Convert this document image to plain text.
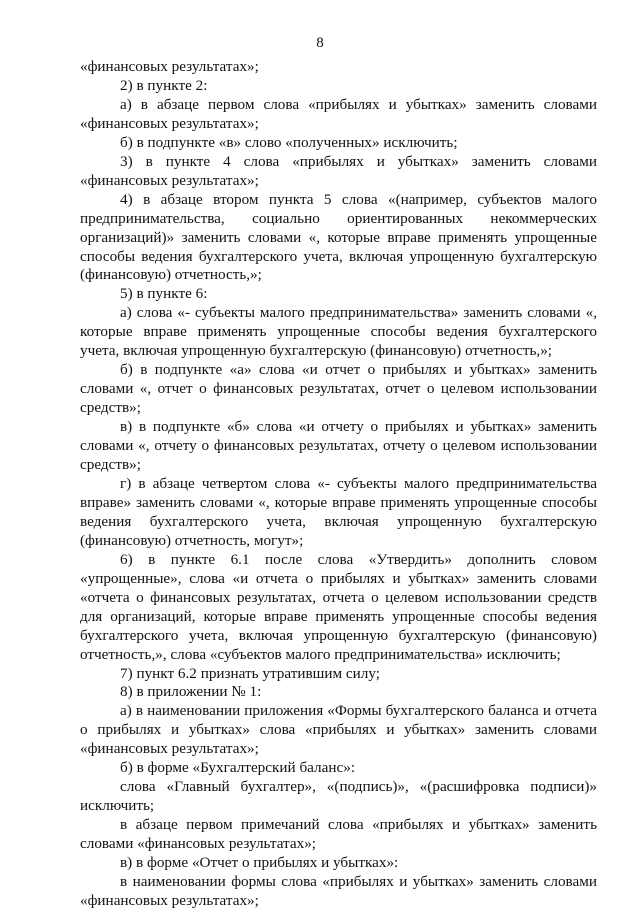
8

«финансовых результатах»;

2) в пункте 2:

а) в абзаце первом слова «прибылях и убытках» заменить словами «финансовых результатах»;

б) в подпункте «в» слово «полученных» исключить;

3) в пункте 4 слова «прибылях и убытках» заменить словами «финансовых результатах»;

4) в абзаце втором пункта 5 слова «(например, субъектов малого предпринимательства, социально ориентированных некоммерческих организаций)» заменить словами «, которые вправе применять упрощенные способы ведения бухгалтерского учета, включая упрощенную бухгалтерскую (финансовую) отчетность,»;

5) в пункте 6:

а) слова «- субъекты малого предпринимательства» заменить словами «, которые вправе применять упрощенные способы ведения бухгалтерского учета, включая упрощенную бухгалтерскую (финансовую) отчетность,»;

б) в подпункте «а» слова «и отчет о прибылях и убытках» заменить словами «, отчет о финансовых результатах, отчет о целевом использовании средств»;

в) в подпункте «б» слова «и отчету о прибылях и убытках» заменить словами «, отчету о финансовых результатах, отчету о целевом использовании средств»;

г) в абзаце четвертом слова «- субъекты малого предпринимательства вправе» заменить словами «, которые вправе применять упрощенные способы ведения бухгалтерского учета, включая упрощенную бухгалтерскую (финансовую) отчетность, могут»;

6) в пункте 6.1 после слова «Утвердить» дополнить словом «упрощенные», слова «и отчета о прибылях и убытках» заменить словами «отчета о финансовых результатах, отчета о целевом использовании средств для организаций, которые вправе применять упрощенные способы ведения бухгалтерского учета, включая упрощенную бухгалтерскую (финансовую) отчетность,», слова «субъектов малого предпринимательства» исключить;

7) пункт 6.2 признать утратившим силу;

8) в приложении № 1:

а) в наименовании приложения «Формы бухгалтерского баланса и отчета о прибылях и убытках» слова «прибылях и убытках» заменить словами «финансовых результатах»;

б) в форме «Бухгалтерский баланс»:

слова «Главный бухгалтер», «(подпись)», «(расшифровка подписи)» исключить;

в абзаце первом примечаний слова «прибылях и убытках» заменить словами «финансовых результатах»;

в) в форме «Отчет о прибылях и убытках»:

в наименовании формы слова «прибылях и убытках» заменить словами «финансовых результатах»;
